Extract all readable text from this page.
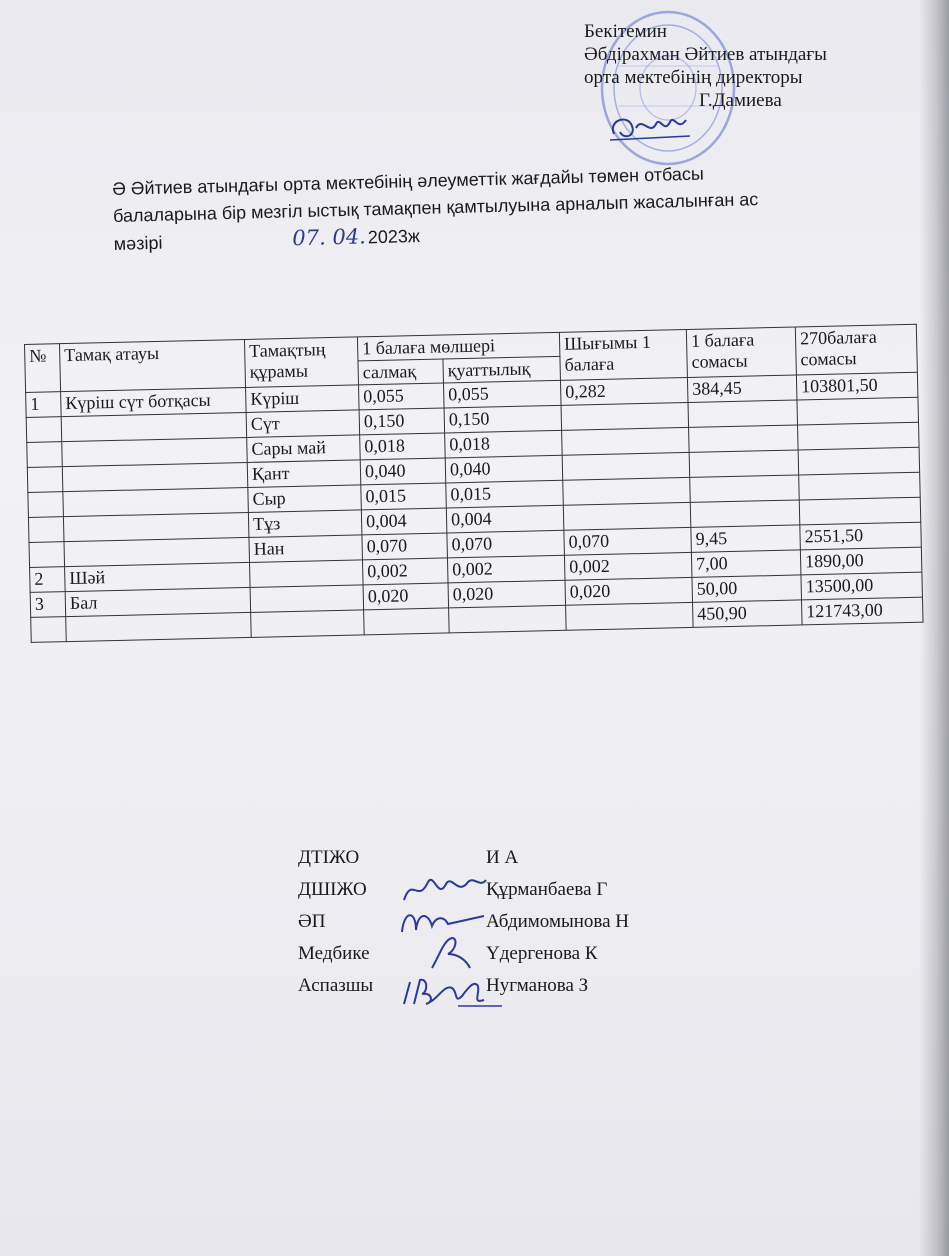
Бекітемин
Әбдірахман Әйтиев атындағы
орта мектебінің директоры
Г.Дамиева
Ә Әйтиев атындағы орта мектебінің әлеуметтік жағдайы төмен отбасы
балаларына бір мезгіл ыстық тамақпен қамтылуына арналып жасалынған ас
мәзірі	07. 04.2023ж
№	Тамақ атауы	Тамақтың құрамы	1 балаға мөлшері		Шығымы 1 балаға	1 балаға сомасы	270балаға сомасы
			салмақ	қуаттылық			
1	Күріш сүт ботқасы	Күріш	0,055	0,055	0,282	384,45	103801,50
		Сүт	0,150	0,150			
		Сары май	0,018	0,018			
		Қант	0,040	0,040			
		Сыр	0,015	0,015			
		Тұз	0,004	0,004			
		Нан	0,070	0,070	0,070	9,45	2551,50
2	Шәй		0,002	0,002	0,002	7,00	1890,00
3	Бал		0,020	0,020	0,020	50,00	13500,00
						450,90	121743,00
ДТІЖО	И А
ДШІЖО	Құрманбаева Г
ӘП	Абдимомынова Н
Медбике	Үдергенова К
Аспазшы	Нугманова З
